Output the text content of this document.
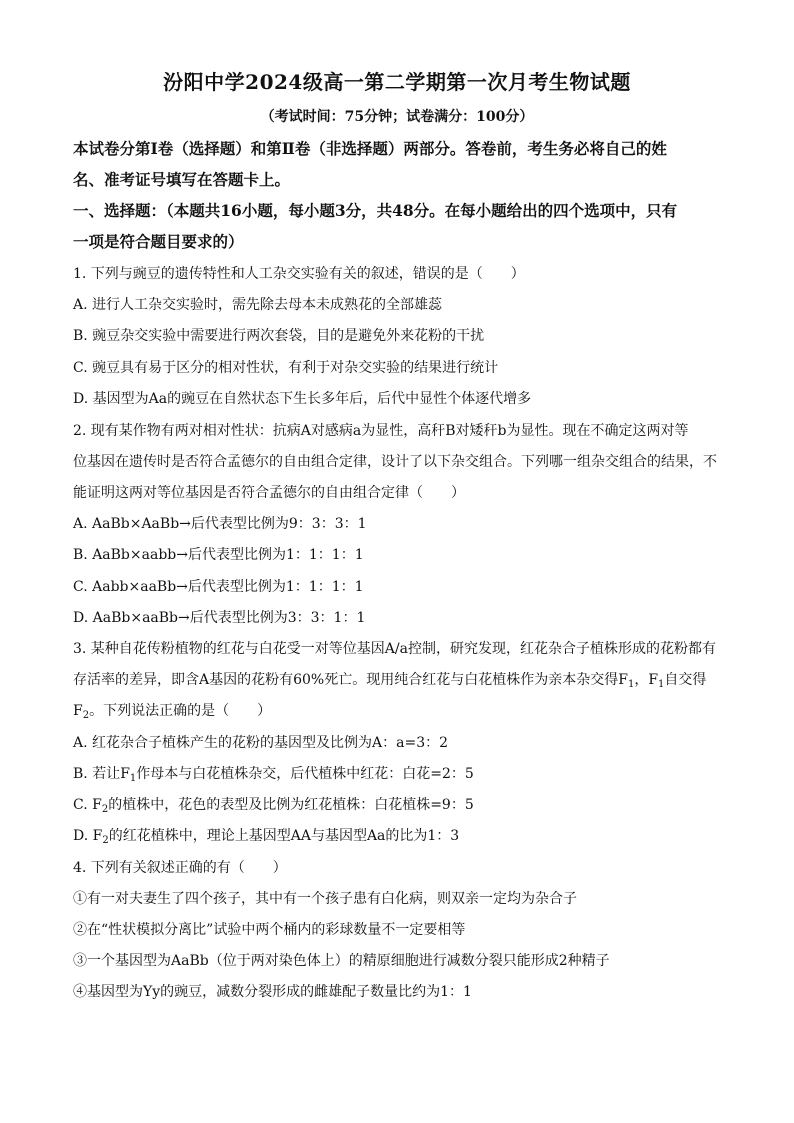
汾阳中学2024级高一第二学期第一次月考生物试题
（考试时间：75分钟；试卷满分：100分）
本试卷分第Ⅰ卷（选择题）和第Ⅱ卷（非选择题）两部分。答卷前，考生务必将自己的姓
名、准考证号填写在答题卡上。
一、选择题：（本题共16小题，每小题3分，共48分。在每小题给出的四个选项中，只有
一项是符合题目要求的）
1. 下列与豌豆的遗传特性和人工杂交实验有关的叙述，错误的是（　　）
A. 进行人工杂交实验时，需先除去母本未成熟花的全部雄蕊
B. 豌豆杂交实验中需要进行两次套袋，目的是避免外来花粉的干扰
C. 豌豆具有易于区分的相对性状，有利于对杂交实验的结果进行统计
D. 基因型为Aa的豌豆在自然状态下生长多年后，后代中显性个体逐代增多
2. 现有某作物有两对相对性状：抗病A对感病a为显性，高秆B对矮秆b为显性。现在不确定这两对等
位基因在遗传时是否符合孟德尔的自由组合定律，设计了以下杂交组合。下列哪一组杂交组合的结果，不
能证明这两对等位基因是否符合孟德尔的自由组合定律（　　）
A. AaBb×AaBb→后代表型比例为9：3：3：1
B. AaBb×aabb→后代表型比例为1：1：1：1
C. Aabb×aaBb→后代表型比例为1：1：1：1
D. AaBb×aaBb→后代表型比例为3：3：1：1
3. 某种自花传粉植物的红花与白花受一对等位基因A/a控制，研究发现，红花杂合子植株形成的花粉都有
存活率的差异，即含A基因的花粉有60%死亡。现用纯合红花与白花植株作为亲本杂交得$F_1$，$F_1$自交得
$F_2$。下列说法正确的是（　　）
A. 红花杂合子植株产生的花粉的基因型及比例为A：a=3：2
B. 若让$F_1$作母本与白花植株杂交，后代植株中红花：白花=2：5
C. $F_2$的植株中，花色的表型及比例为红花植株：白花植株=9：5
D. $F_2$的红花植株中，理论上基因型AA与基因型Aa的比为1：3
4. 下列有关叙述正确的有（　　）
①有一对夫妻生了四个孩子，其中有一个孩子患有白化病，则双亲一定均为杂合子
②在“性状模拟分离比”试验中两个桶内的彩球数量不一定要相等
③一个基因型为AaBb（位于两对染色体上）的精原细胞进行减数分裂只能形成2种精子
④基因型为Yy的豌豆，减数分裂形成的雌雄配子数量比约为1：1
